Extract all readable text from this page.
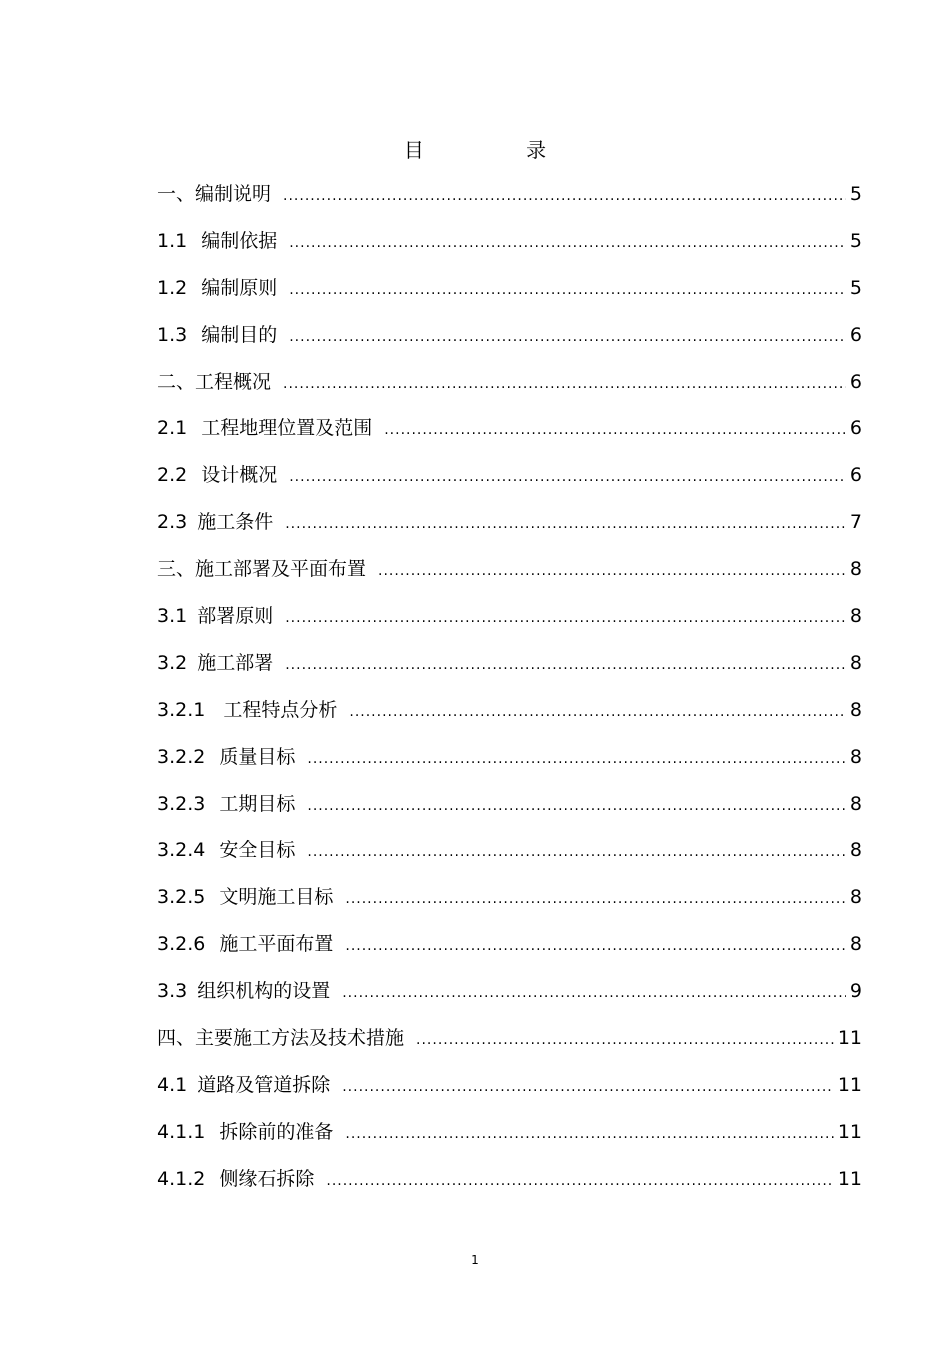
目 录
一、编制说明 .....	5
1.1 编制依据 .....	5
1.2 编制原则 .....	5
1.3 编制目的 .....	6
二、工程概况 .....	6
2.1 工程地理位置及范围 .....	6
2.2 设计概况 .....	6
2.3 施工条件 .....	7
三、施工部署及平面布置 .....	8
3.1 部署原则 .....	8
3.2 施工部署 .....	8
3.2.1 工程特点分析 .....	8
3.2.2 质量目标 .....	8
3.2.3 工期目标 .....	8
3.2.4 安全目标 .....	8
3.2.5 文明施工目标 .....	8
3.2.6 施工平面布置 .....	8
3.3 组织机构的设置 .....	9
四、主要施工方法及技术措施 .....	11
4.1 道路及管道拆除 .....	11
4.1.1 拆除前的准备 .....	11
4.1.2 侧缘石拆除 .....	11
1
